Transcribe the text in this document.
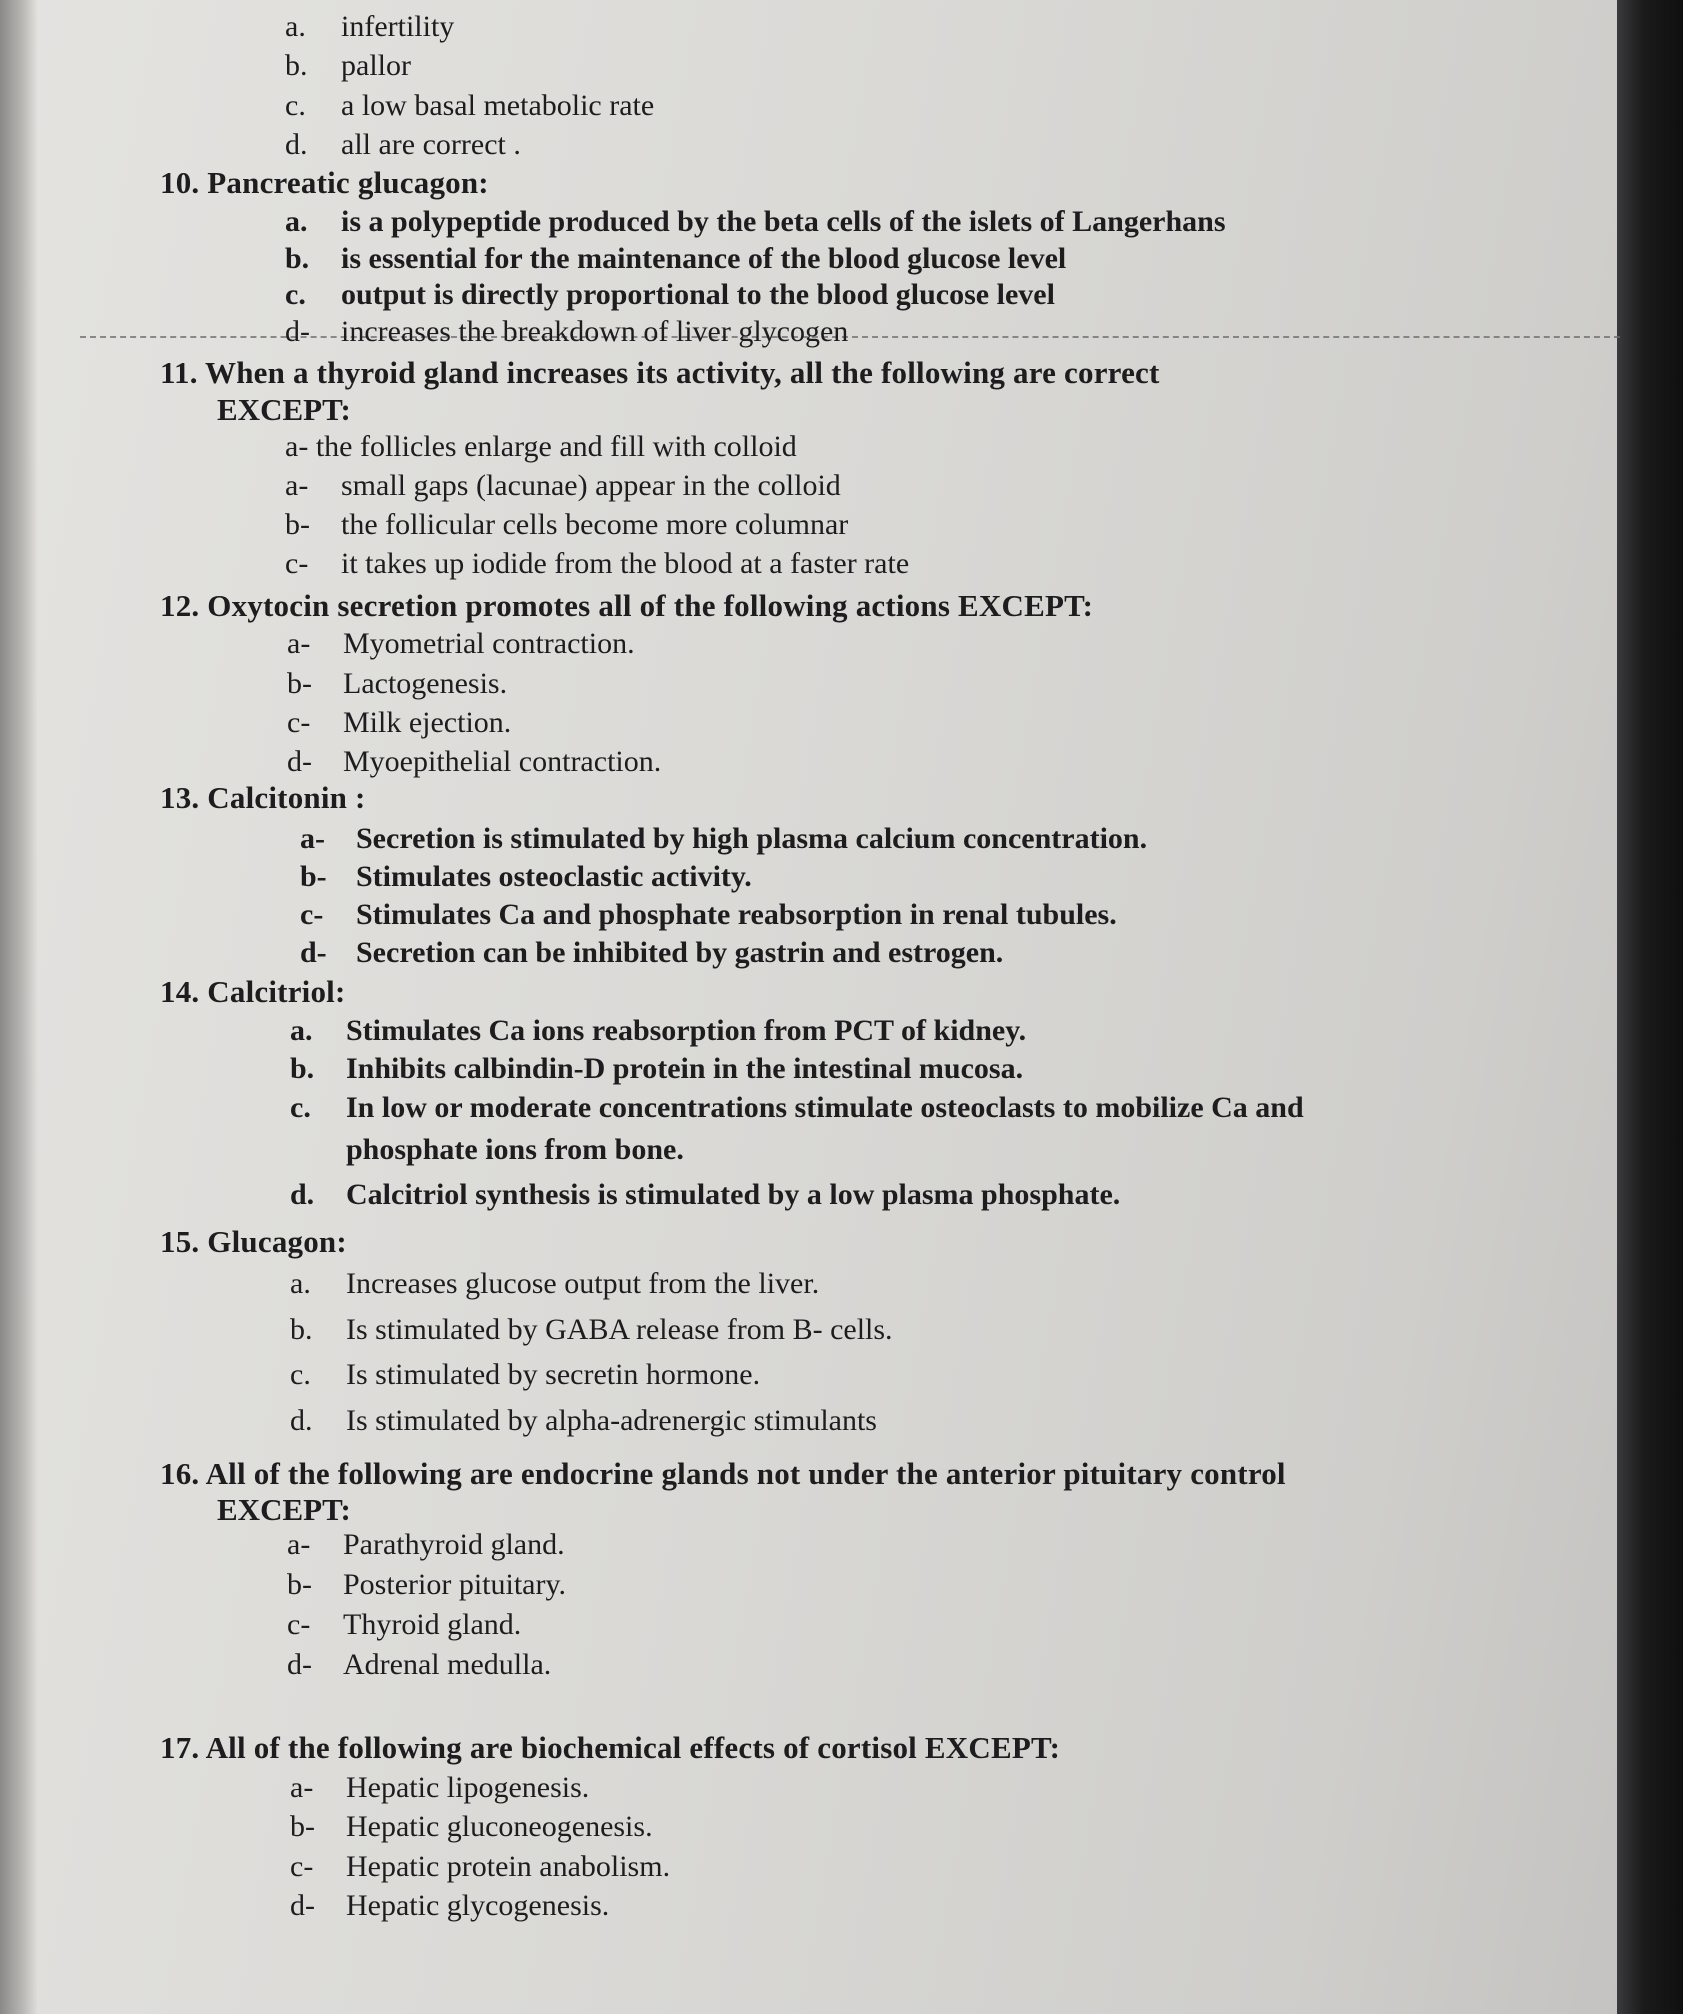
a. infertility
b. pallor
c. a low basal metabolic rate
d. all are correct .
10. Pancreatic glucagon:
a. is a polypeptide produced by the beta cells of the islets of Langerhans
b. is essential for the maintenance of the blood glucose level
c. output is directly proportional to the blood glucose level
d- increases the breakdown of liver glycogen
11. When a thyroid gland increases its activity, all the following are correct
EXCEPT:
a- the follicles enlarge and fill with colloid
a- small gaps (lacunae) appear in the colloid
b- the follicular cells become more columnar
c- it takes up iodide from the blood at a faster rate
12. Oxytocin secretion promotes all of the following actions EXCEPT:
a- Myometrial contraction.
b- Lactogenesis.
c- Milk ejection.
d- Myoepithelial contraction.
13. Calcitonin :
a- Secretion is stimulated by high plasma calcium concentration.
b- Stimulates osteoclastic activity.
c- Stimulates Ca and phosphate reabsorption in renal tubules.
d- Secretion can be inhibited by gastrin and estrogen.
14. Calcitriol:
a. Stimulates Ca ions reabsorption from PCT of kidney.
b. Inhibits calbindin-D protein in the intestinal mucosa.
c. In low or moderate concentrations stimulate osteoclasts to mobilize Ca and
phosphate ions from bone.
d. Calcitriol synthesis is stimulated by a low plasma phosphate.
15. Glucagon:
a. Increases glucose output from the liver.
b. Is stimulated by GABA release from B- cells.
c. Is stimulated by secretin hormone.
d. Is stimulated by alpha-adrenergic stimulants
16. All of the following are endocrine glands not under the anterior pituitary control
EXCEPT:
a- Parathyroid gland.
b- Posterior pituitary.
c- Thyroid gland.
d- Adrenal medulla.
17. All of the following are biochemical effects of cortisol EXCEPT:
a- Hepatic lipogenesis.
b- Hepatic gluconeogenesis.
c- Hepatic protein anabolism.
d- Hepatic glycogenesis.
